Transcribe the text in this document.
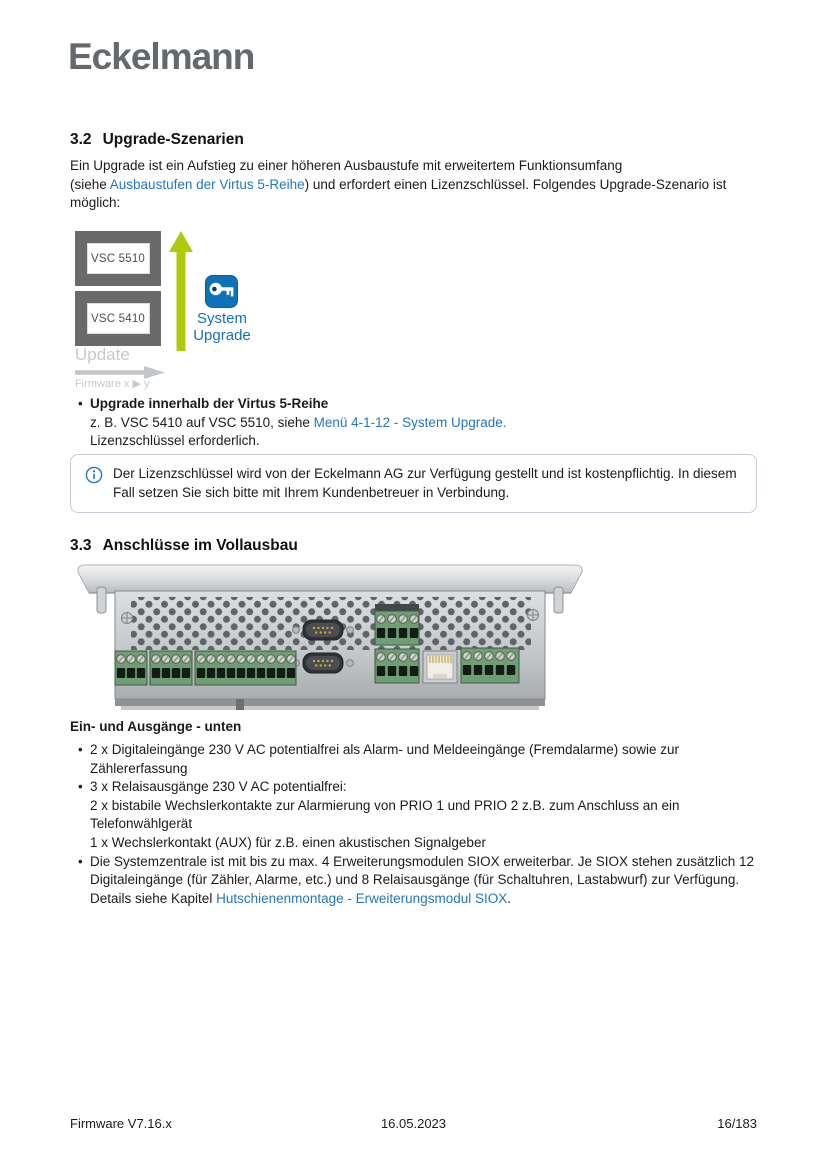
Eckelmann
3.2 Upgrade-Szenarien
Ein Upgrade ist ein Aufstieg zu einer höheren Ausbaustufe mit erweitertem Funktionsumfang
(siehe Ausbaustufen der Virtus 5-Reihe) und erfordert einen Lizenzschlüssel. Folgendes Upgrade-Szenario ist
möglich:
VSC 5510
VSC 5410	System
Upgrade
Update
Firmware x ▶ y
• Upgrade innerhalb der Virtus 5-Reihe
z. B. VSC 5410 auf VSC 5510, siehe Menü 4-1-12 - System Upgrade.
Lizenzschlüssel erforderlich.
Der Lizenzschlüssel wird von der Eckelmann AG zur Verfügung gestellt und ist kostenpflichtig. In diesem Fall setzen Sie sich bitte mit Ihrem Kundenbetreuer in Verbindung.
3.3 Anschlüsse im Vollausbau
Ein- und Ausgänge - unten
• 2 x Digitaleingänge 230 V AC potentialfrei als Alarm- und Meldeeingänge (Fremdalarme) sowie zur Zählererfassung
• 3 x Relaisausgänge 230 V AC potentialfrei:
2 x bistabile Wechslerkontakte zur Alarmierung von PRIO 1 und PRIO 2 z.B. zum Anschluss an ein Telefonwählgerät
1 x Wechslerkontakt (AUX) für z.B. einen akustischen Signalgeber
• Die Systemzentrale ist mit bis zu max. 4 Erweiterungsmodulen SIOX erweiterbar. Je SIOX stehen zusätzlich 12 Digitaleingänge (für Zähler, Alarme, etc.) und 8 Relaisausgänge (für Schaltuhren, Lastabwurf) zur Verfügung.
Details siehe Kapitel Hutschienenmontage - Erweiterungsmodul SIOX.
Firmware V7.16.x	16.05.2023	16/183
